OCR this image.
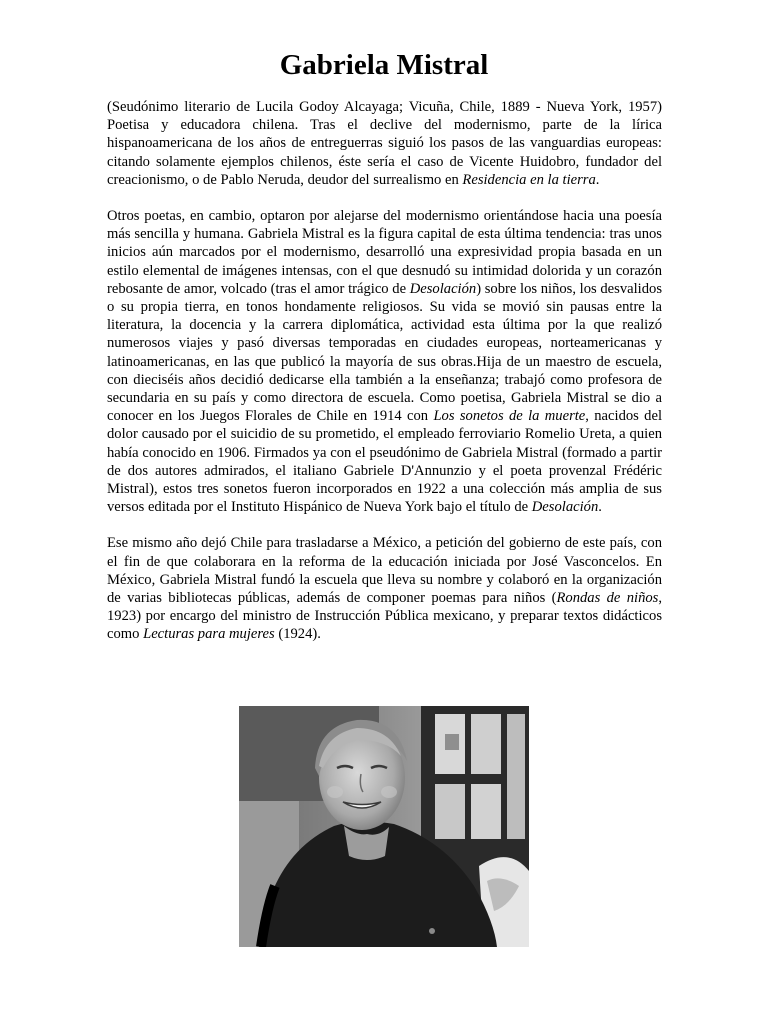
Gabriela Mistral

(Seudónimo literario de Lucila Godoy Alcayaga; Vicuña, Chile, 1889 - Nueva York, 1957) Poetisa y educadora chilena. Tras el declive del modernismo, parte de la lírica hispanoamericana de los años de entreguerras siguió los pasos de las vanguardias europeas: citando solamente ejemplos chilenos, éste sería el caso de Vicente Huidobro, fundador del creacionismo, o de Pablo Neruda, deudor del surrealismo en Residencia en la tierra.

Otros poetas, en cambio, optaron por alejarse del modernismo orientándose hacia una poesía más sencilla y humana. Gabriela Mistral es la figura capital de esta última tendencia: tras unos inicios aún marcados por el modernismo, desarrolló una expresividad propia basada en un estilo elemental de imágenes intensas, con el que desnudó su intimidad dolorida y un corazón rebosante de amor, volcado (tras el amor trágico de Desolación) sobre los niños, los desvalidos o su propia tierra, en tonos hondamente religiosos. Su vida se movió sin pausas entre la literatura, la docencia y la carrera diplomática, actividad esta última por la que realizó numerosos viajes y pasó diversas temporadas en ciudades europeas, norteamericanas y latinoamericanas, en las que publicó la mayoría de sus obras.Hija de un maestro de escuela, con dieciséis años decidió dedicarse ella también a la enseñanza; trabajó como profesora de secundaria en su país y como directora de escuela. Como poetisa, Gabriela Mistral se dio a conocer en los Juegos Florales de Chile en 1914 con Los sonetos de la muerte, nacidos del dolor causado por el suicidio de su prometido, el empleado ferroviario Romelio Ureta, a quien había conocido en 1906. Firmados ya con el pseudónimo de Gabriela Mistral (formado a partir de dos autores admirados, el italiano Gabriele D'Annunzio y el poeta provenzal Frédéric Mistral), estos tres sonetos fueron incorporados en 1922 a una colección más amplia de sus versos editada por el Instituto Hispánico de Nueva York bajo el título de Desolación.

Ese mismo año dejó Chile para trasladarse a México, a petición del gobierno de este país, con el fin de que colaborara en la reforma de la educación iniciada por José Vasconcelos. En México, Gabriela Mistral fundó la escuela que lleva su nombre y colaboró en la organización de varias bibliotecas públicas, además de componer poemas para niños (Rondas de niños, 1923) por encargo del ministro de Instrucción Pública mexicano, y preparar textos didácticos como Lecturas para mujeres (1924).
